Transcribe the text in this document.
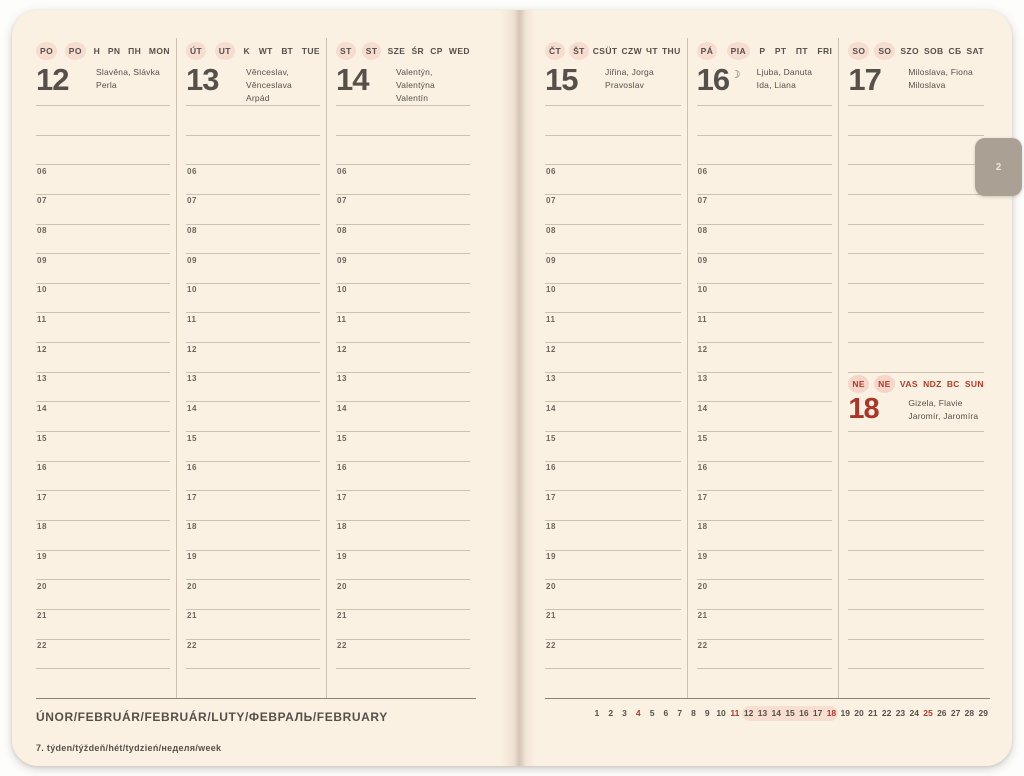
PO	PO	H PN ПН MON
12	Slavěna, Slávka
Perla
06
07
08
09
10
11
12
13
14
15
16
17
18
19
20
21
22
ÚT	UT	K WT ВТ TUE
13	Věnceslav, Věnceslava
Arpád
06
07
08
09
10
11
12
13
14
15
16
17
18
19
20
21
22
ST	ST	SZE ŚR СР WED
14	Valentýn, Valentýna
Valentín
06
07
08
09
10
11
12
13
14
15
16
17
18
19
20
21
22
ÚNOR/FEBRUÁR/FEBRUÁR/LUTY/ФЕВРАЛЬ/FEBRUARY
7. týden/týždeň/hét/tydzień/неделя/week
ČT	ŠT CSÜT CZW ЧТ THU
15	Jiřina, Jorga
Pravoslav
06
07
08
09
10
11
12
13
14
15
16
17
18
19
20
21
22
PÁ	PIA	P PT ПТ FRI
16 ☽	Ljuba, Danuta
Ida, Liana
06
07
08
09
10
11
12
13
14
15
16
17
18
19
20
21
22
SO	SO	SZO SOB СБ SAT
17	Miloslava, Fiona
Miloslava
NE	NE	VAS NDZ ВС SUN
18	Gizela, Flavie
Jaromír, Jaromíra
1	2	3	4	5	6	7	8	9 10 11 12 13 14 15 16 17 18 19 20 21 22 23 24 25 26 27 28 29
2
